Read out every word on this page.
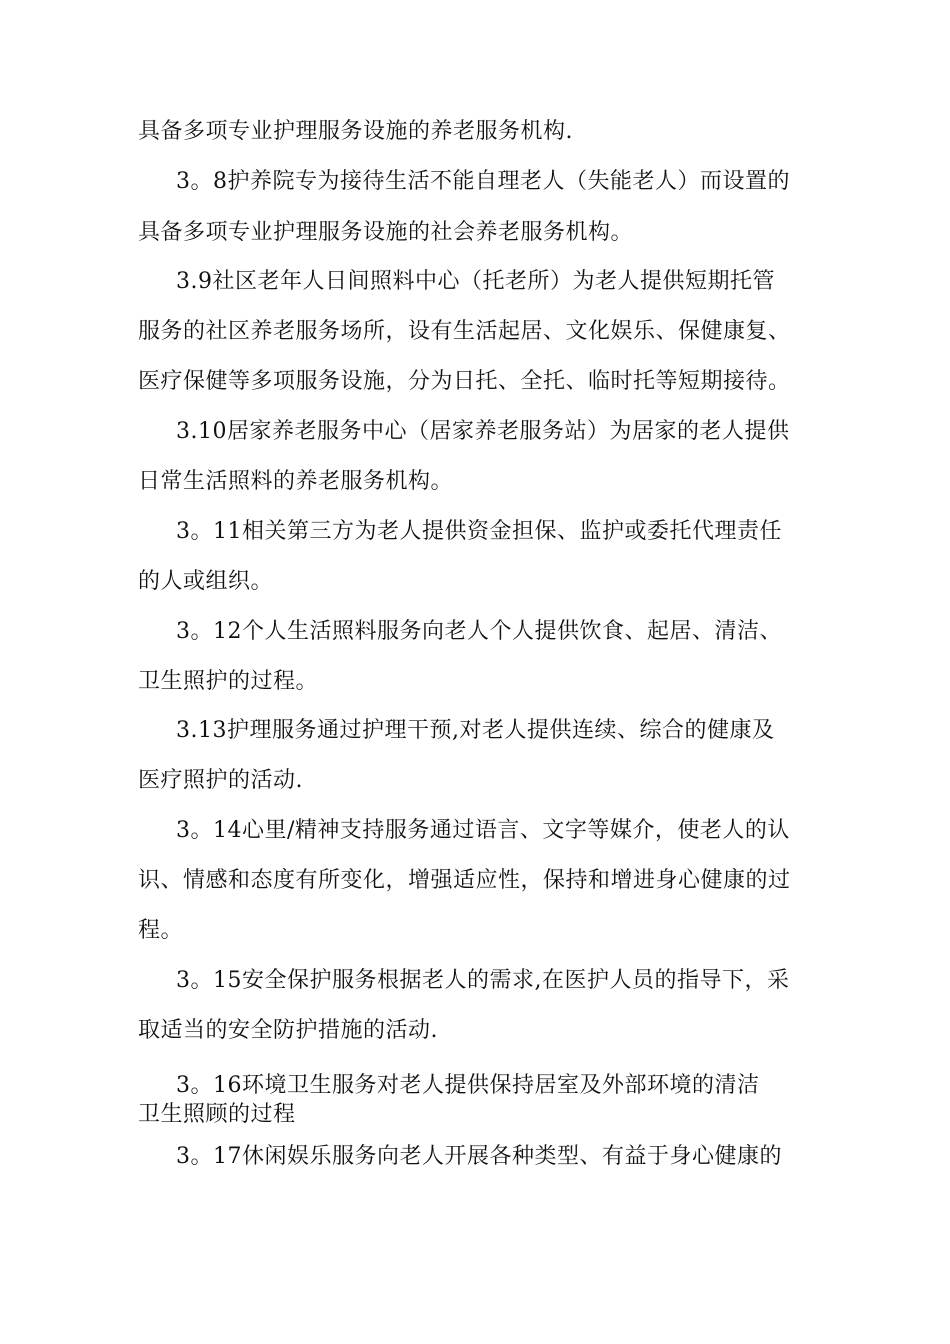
具备多项专业护理服务设施的养老服务机构.
3。8护养院专为接待生活不能自理老人（失能老人）而设置的
具备多项专业护理服务设施的社会养老服务机构。
3.9社区老年人日间照料中心（托老所）为老人提供短期托管
服务的社区养老服务场所，设有生活起居、文化娱乐、保健康复、
医疗保健等多项服务设施，分为日托、全托、临时托等短期接待。
3.10居家养老服务中心（居家养老服务站）为居家的老人提供
日常生活照料的养老服务机构。
3。11相关第三方为老人提供资金担保、监护或委托代理责任
的人或组织。
3。12个人生活照料服务向老人个人提供饮食、起居、清洁、
卫生照护的过程。
3.13护理服务通过护理干预,对老人提供连续、综合的健康及
医疗照护的活动.
3。14心里/精神支持服务通过语言、文字等媒介，使老人的认
识、情感和态度有所变化，增强适应性，保持和增进身心健康的过
程。
3。15安全保护服务根据老人的需求,在医护人员的指导下，采
取适当的安全防护措施的活动.
3。16环境卫生服务对老人提供保持居室及外部环境的清洁
卫生照顾的过程
3。17休闲娱乐服务向老人开展各种类型、有益于身心健康的
